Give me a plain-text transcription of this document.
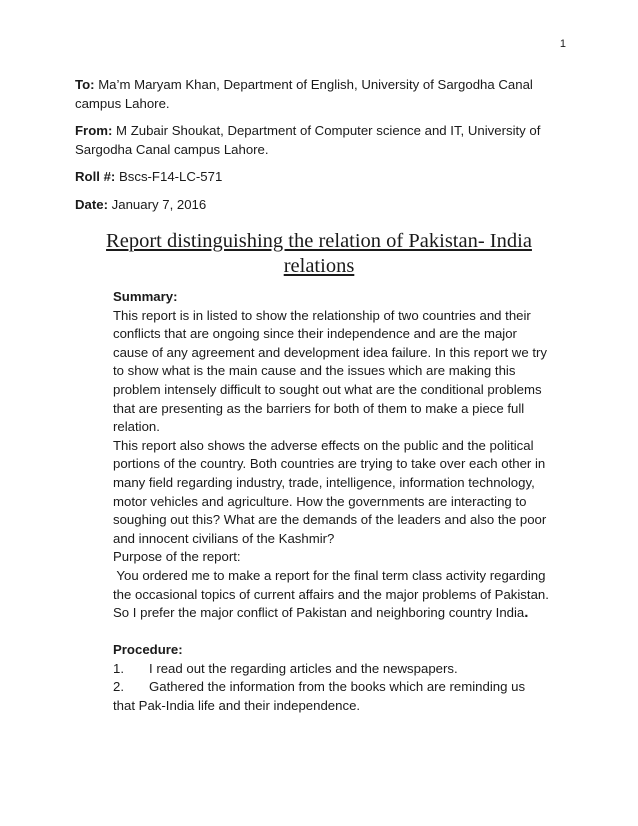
1

To: Ma’m Maryam Khan, Department of English, University of Sargodha Canal
campus Lahore.

From: M Zubair Shoukat, Department of Computer science and IT, University of
Sargodha Canal campus Lahore.

Roll #: Bscs-F14-LC-571

Date: January 7, 2016

Report distinguishing the relation of Pakistan- India
relations
Summary:
This report is in listed to show the relationship of two countries and their
conflicts that are ongoing since their independence and are the major
cause of any agreement and development idea failure. In this report we try
to show what is the main cause and the issues which are making this
problem intensely difficult to sought out what are the conditional problems
that are presenting as the barriers for both of them to make a piece full
relation.
This report also shows the adverse effects on the public and the political
portions of the country. Both countries are trying to take over each other in
many field regarding industry, trade, intelligence, information technology,
motor vehicles and agriculture. How the governments are interacting to
soughing out this? What are the demands of the leaders and also the poor
and innocent civilians of the Kashmir?
Purpose of the report:
You ordered me to make a report for the final term class activity regarding
the occasional topics of current affairs and the major problems of Pakistan.
So I prefer the major conflict of Pakistan and neighboring country India.
Procedure:
1.	I read out the regarding articles and the newspapers.
2.	Gathered the information from the books which are reminding us
that Pak-India life and their independence.
